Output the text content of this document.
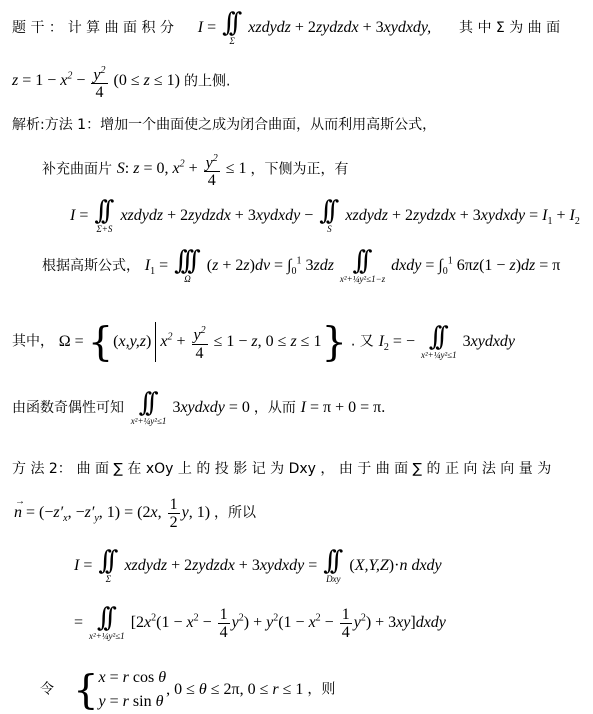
题 干 ： 计 算 曲 面 积 分 I = ∫∫
Σ
xzdydz + 2zydzdx + 3xydxdy,      其 中 Σ 为 曲 面
$z = 1 - x^2 - \frac{y^2}{4} (0 \le z \le 1)$ 的上侧.
解析:方法 1：增加一个曲面使之成为闭合曲面，从而利用高斯公式，
补充曲面片 S: z = 0, $x^2 + \frac{y^2}{4} \le 1$ ，下侧为正，有
I = ∫∫
Σ+S
xzdydz + 2zydzdx + 3xydxdy − ∫∫
S
xzdydz + 2zydzdx + 3xydxdy = $I_1 + I_2$
根据高斯公式， $I_1$ = ∫∫∫
Ω
$(z + 2z)dv = \int_0^1$ 3zdz ∫∫
x²+¼y²≤1−z
dxdy = $\int_0^1$ 6πz(1 − z)dz = π
其中， Ω = {(x,y,z) $x^2 + \frac{y^2}{4} \le 1 - z$, 0 ≤ z ≤ 1} . 又 $I_2$ = − ∫∫
x²+¼y²≤1
3xydxdy
由函数奇偶性可知 ∫∫
x²+¼y²≤1
3xydxdy = 0 ，从而 I = π + 0 = π.
方 法 2： 曲 面 ∑ 在 xOy 上 的 投 影 记 为 Dxy ， 由 于 曲 面 ∑ 的 正 向 法 向 量 为
n
→
= ($-z'_x$, $-z'_y$, 1) = (2x, $\frac{1}{2} y$, 1) ，所以
I = ∫∫
Σ
xzdydz + 2zydzdx + 3xydxdy = ∫∫
Dxy
(X,Y,Z)·n dxdy
= ∫∫
x²+¼y²≤1
[$2x^2(1 - x^2 - \frac{1}{4} y^2) + y^2(1 - x^2 - \frac{1}{4} y^2)$ + 3xy]dxdy
令 {x = r cos θ
y = r sin θ, 0 ≤ θ ≤ 2π, 0 ≤ r ≤ 1 ，则
